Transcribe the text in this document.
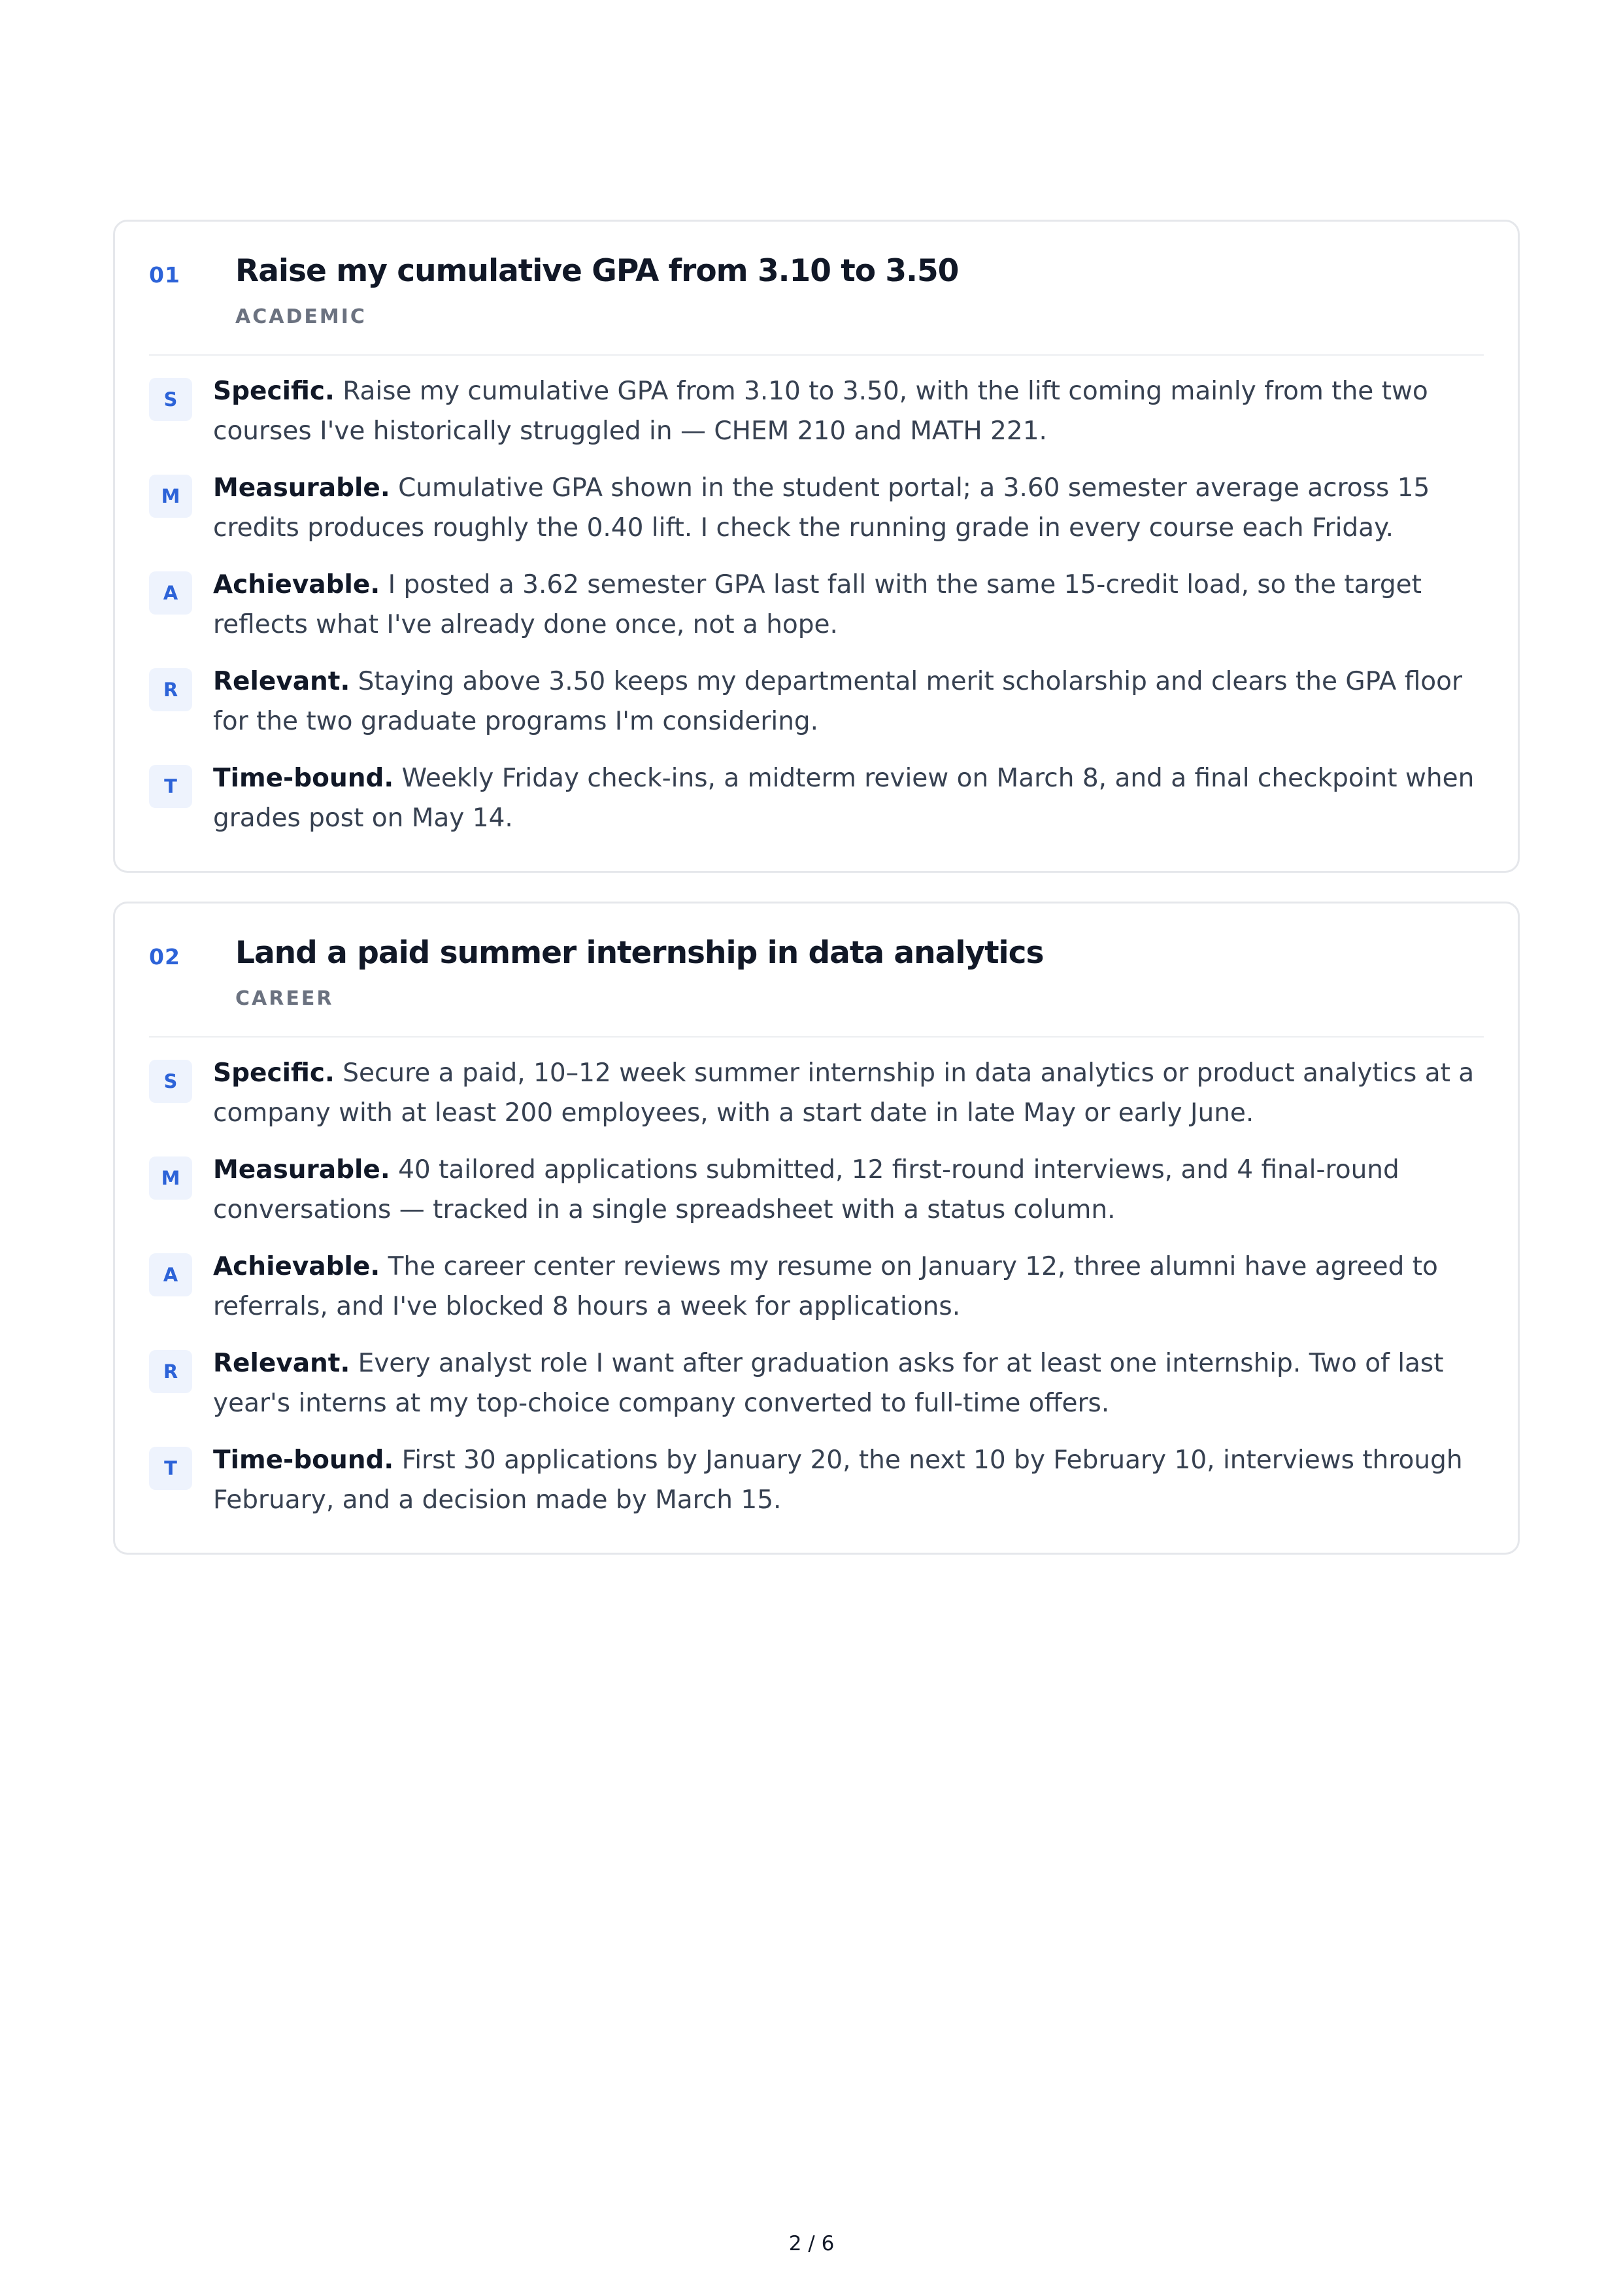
01	Raise my cumulative GPA from 3.10 to 3.50
ACADEMIC
S	Specific. Raise my cumulative GPA from 3.10 to 3.50, with the lift coming mainly from the two courses I've historically struggled in — CHEM 210 and MATH 221.
M	Measurable. Cumulative GPA shown in the student portal; a 3.60 semester average across 15 credits produces roughly the 0.40 lift. I check the running grade in every course each Friday.
A	Achievable. I posted a 3.62 semester GPA last fall with the same 15-credit load, so the target reflects what I've already done once, not a hope.
R	Relevant. Staying above 3.50 keeps my departmental merit scholarship and clears the GPA floor for the two graduate programs I'm considering.
T	Time-bound. Weekly Friday check-ins, a midterm review on March 8, and a final checkpoint when grades post on May 14.
02	Land a paid summer internship in data analytics
CAREER
S	Specific. Secure a paid, 10–12 week summer internship in data analytics or product analytics at a company with at least 200 employees, with a start date in late May or early June.
M	Measurable. 40 tailored applications submitted, 12 first-round interviews, and 4 final-round conversations — tracked in a single spreadsheet with a status column.
A	Achievable. The career center reviews my resume on January 12, three alumni have agreed to referrals, and I've blocked 8 hours a week for applications.
R	Relevant. Every analyst role I want after graduation asks for at least one internship. Two of last year's interns at my top-choice company converted to full-time offers.
T	Time-bound. First 30 applications by January 20, the next 10 by February 10, interviews through February, and a decision made by March 15.
2 / 6
